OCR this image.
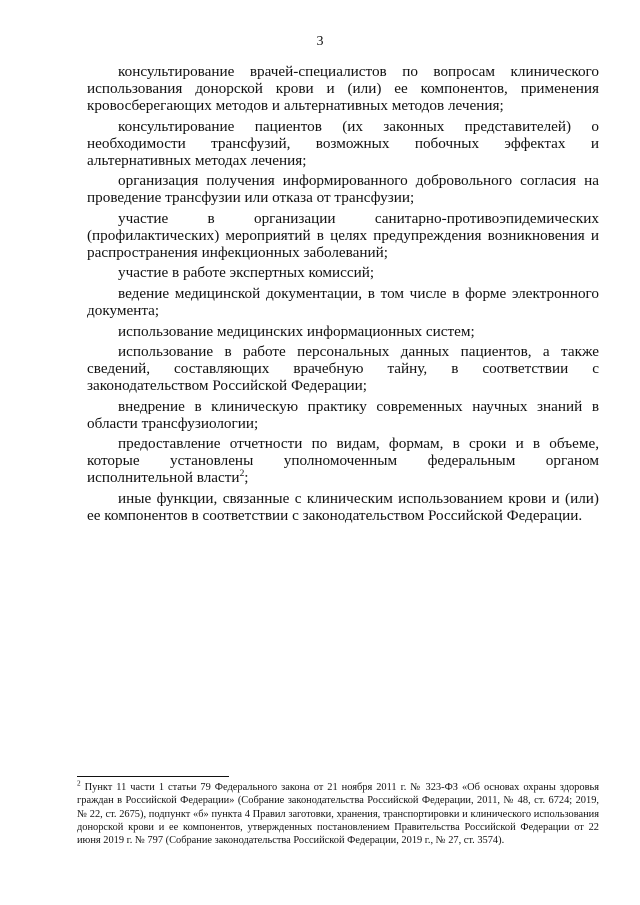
3

консультирование врачей-специалистов по вопросам клинического использования донорской крови и (или) ее компонентов, применения кровосберегающих методов и альтернативных методов лечения;

консультирование пациентов (их законных представителей) о необходимости трансфузий, возможных побочных эффектах и альтернативных методах лечения;

организация получения информированного добровольного согласия на проведение трансфузии или отказа от трансфузии;

участие в организации санитарно-противоэпидемических (профилактических) мероприятий в целях предупреждения возникновения и распространения инфекционных заболеваний;

участие в работе экспертных комиссий;

ведение медицинской документации, в том числе в форме электронного документа;

использование медицинских информационных систем;

использование в работе персональных данных пациентов, а также сведений, составляющих врачебную тайну, в соответствии с законодательством Российской Федерации;

внедрение в клиническую практику современных научных знаний в области трансфузиологии;

предоставление отчетности по видам, формам, в сроки и в объеме, которые установлены уполномоченным федеральным органом исполнительной власти$^2$;

иные функции, связанные с клиническим использованием крови и (или) ее компонентов в соответствии с законодательством Российской Федерации.

$^2$ Пункт 11 части 1 статьи 79 Федерального закона от 21 ноября 2011 г. № 323-ФЗ «Об основах охраны здоровья граждан в Российской Федерации» (Собрание законодательства Российской Федерации, 2011, № 48, ст. 6724; 2019, № 22, ст. 2675), подпункт «б» пункта 4 Правил заготовки, хранения, транспортировки и клинического использования донорской крови и ее компонентов, утвержденных постановлением Правительства Российской Федерации от 22 июня 2019 г. № 797 (Собрание законодательства Российской Федерации, 2019 г., № 27, ст. 3574).
